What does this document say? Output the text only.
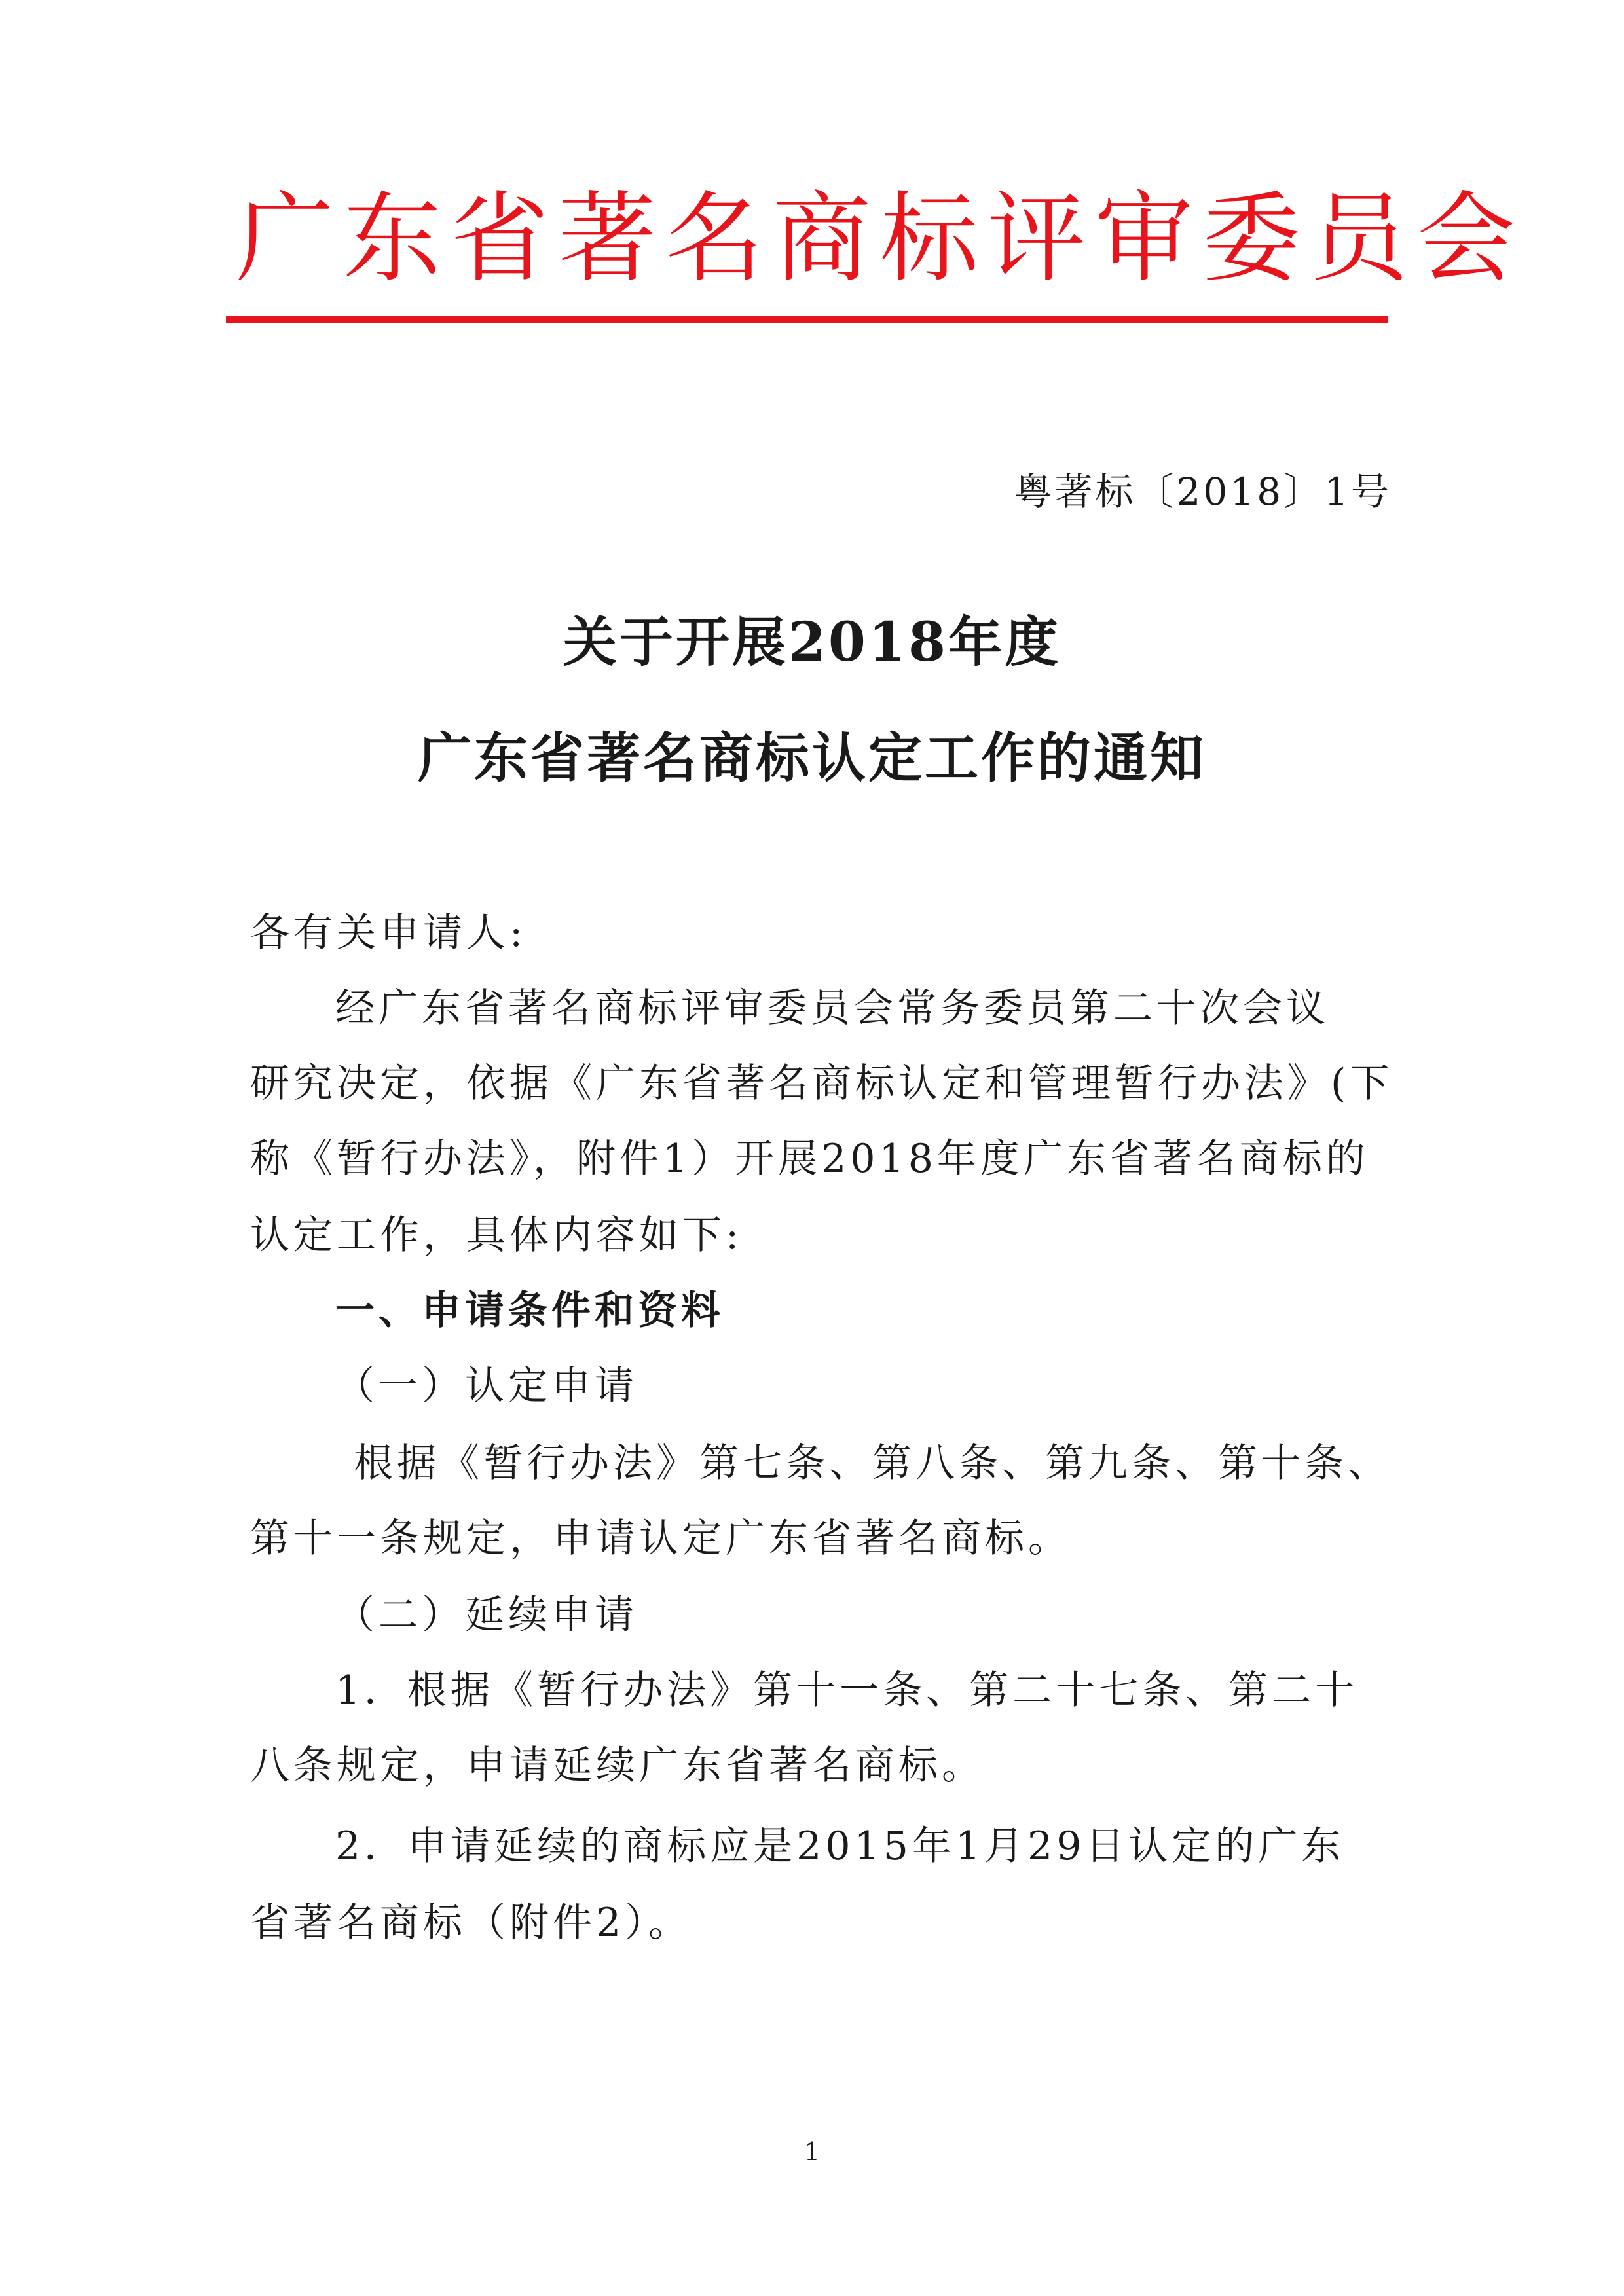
广东省著名商标评审委员会
粤著标〔2018〕1号
关于开展2018年度
广东省著名商标认定工作的通知
各有关申请人:
经广东省著名商标评审委员会常务委员第二十次会议
研究决定，依据《广东省著名商标认定和管理暂行办法》(下
称《暂行办法》，附件1）开展2018年度广东省著名商标的
认定工作，具体内容如下:
一、申请条件和资料
（一）认定申请
根据《暂行办法》第七条、第八条、第九条、第十条、
第十一条规定，申请认定广东省著名商标。
（二）延续申请
1．根据《暂行办法》第十一条、第二十七条、第二十
八条规定，申请延续广东省著名商标。
2．申请延续的商标应是2015年1月29日认定的广东
省著名商标（附件2）。
1
